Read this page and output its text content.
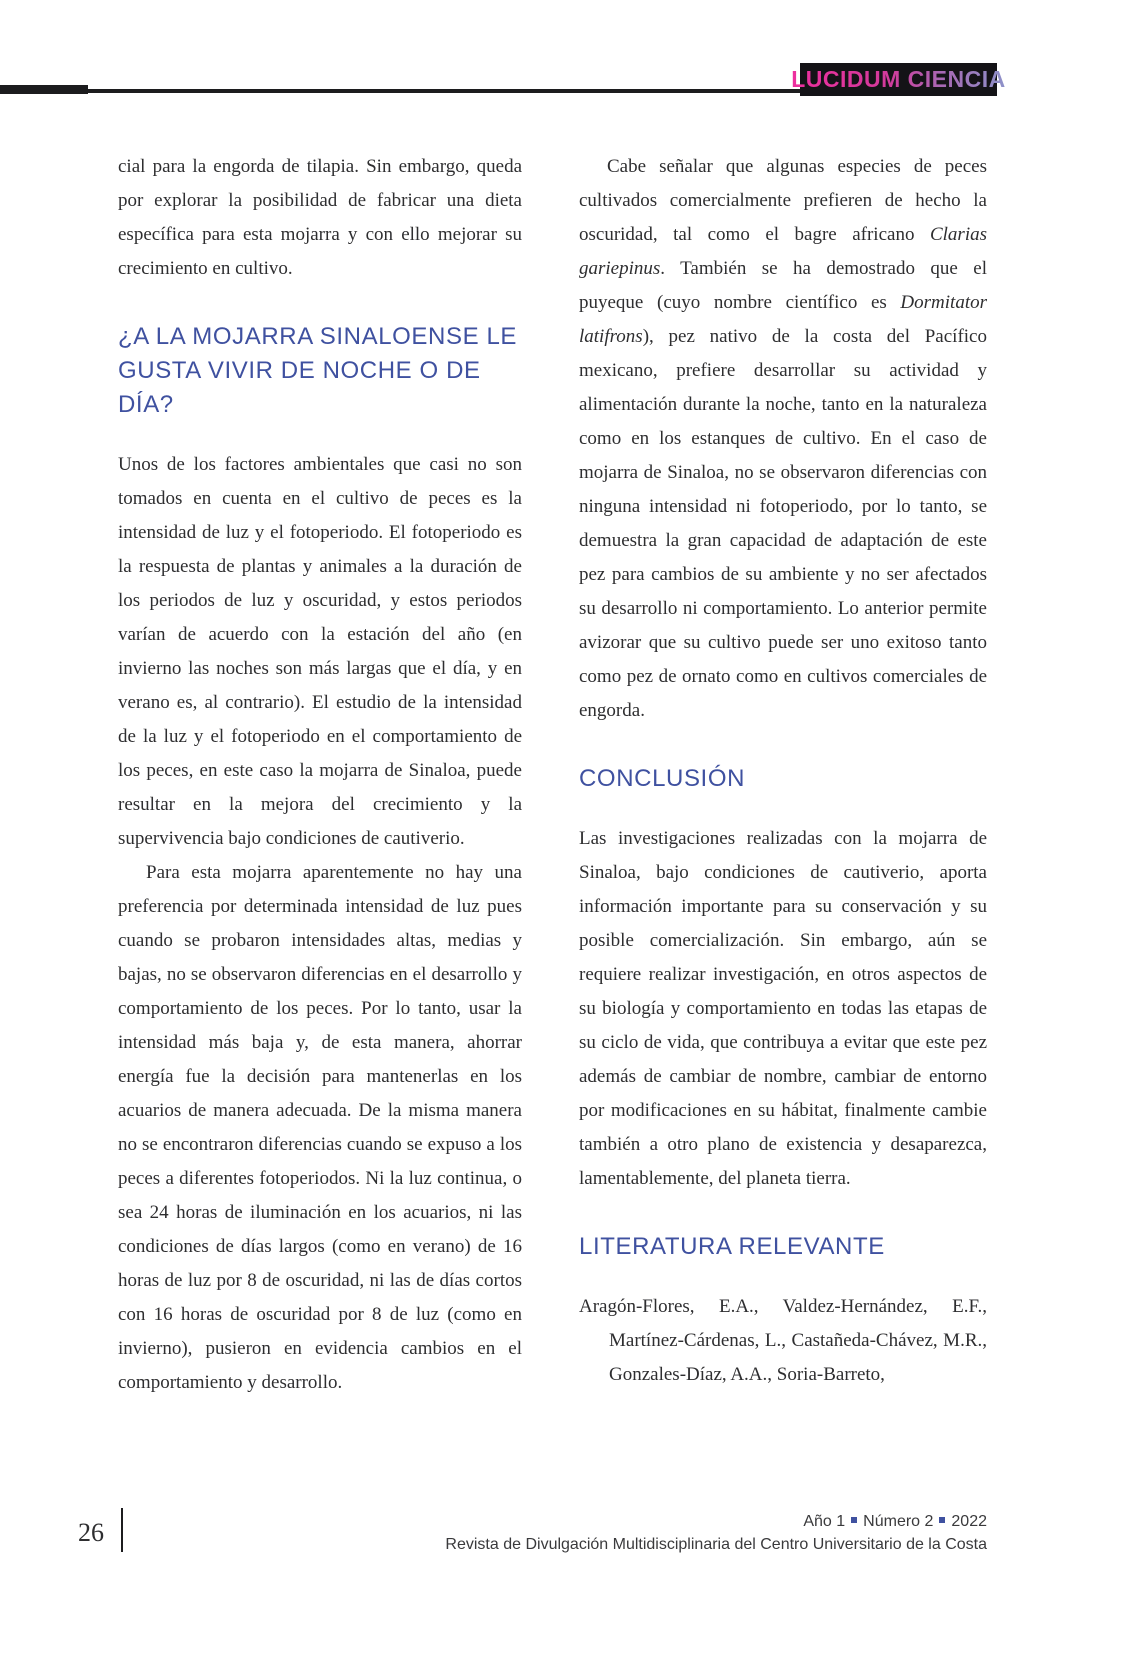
LUCIDUM CIENCIA

cial para la engorda de tilapia. Sin embargo, queda por explorar la posibilidad de fabricar una dieta específica para esta mojarra y con ello mejorar su crecimiento en cultivo.

¿A LA MOJARRA SINALOENSE LE GUSTA VIVIR DE NOCHE O DE DÍA?

Unos de los factores ambientales que casi no son tomados en cuenta en el cultivo de peces es la intensidad de luz y el fotoperiodo. El fotoperiodo es la respuesta de plantas y animales a la duración de los periodos de luz y oscuridad, y estos periodos varían de acuerdo con la estación del año (en invierno las noches son más largas que el día, y en verano es, al contrario). El estudio de la intensidad de la luz y el fotoperiodo en el comportamiento de los peces, en este caso la mojarra de Sinaloa, puede resultar en la mejora del crecimiento y la supervivencia bajo condiciones de cautiverio.

Para esta mojarra aparentemente no hay una preferencia por determinada intensidad de luz pues cuando se probaron intensidades altas, medias y bajas, no se observaron diferencias en el desarrollo y comportamiento de los peces. Por lo tanto, usar la intensidad más baja y, de esta manera, ahorrar energía fue la decisión para mantenerlas en los acuarios de manera adecuada. De la misma manera no se encontraron diferencias cuando se expuso a los peces a diferentes fotoperiodos. Ni la luz continua, o sea 24 horas de iluminación en los acuarios, ni las condiciones de días largos (como en verano) de 16 horas de luz por 8 de oscuridad, ni las de días cortos con 16 horas de oscuridad por 8 de luz (como en invierno), pusieron en evidencia cambios en el comportamiento y desarrollo.

Cabe señalar que algunas especies de peces cultivados comercialmente prefieren de hecho la oscuridad, tal como el bagre africano Clarias gariepinus. También se ha demostrado que el puyeque (cuyo nombre científico es Dormitator latifrons), pez nativo de la costa del Pacífico mexicano, prefiere desarrollar su actividad y alimentación durante la noche, tanto en la naturaleza como en los estanques de cultivo. En el caso de mojarra de Sinaloa, no se observaron diferencias con ninguna intensidad ni fotoperiodo, por lo tanto, se demuestra la gran capacidad de adaptación de este pez para cambios de su ambiente y no ser afectados su desarrollo ni comportamiento. Lo anterior permite avizorar que su cultivo puede ser uno exitoso tanto como pez de ornato como en cultivos comerciales de engorda.

CONCLUSIÓN

Las investigaciones realizadas con la mojarra de Sinaloa, bajo condiciones de cautiverio, aporta información importante para su conservación y su posible comercialización. Sin embargo, aún se requiere realizar investigación, en otros aspectos de su biología y comportamiento en todas las etapas de su ciclo de vida, que contribuya a evitar que este pez además de cambiar de nombre, cambiar de entorno por modificaciones en su hábitat, finalmente cambie también a otro plano de existencia y desaparezca, lamentablemente, del planeta tierra.

LITERATURA RELEVANTE

Aragón-Flores, E.A., Valdez-Hernández, E.F., Martínez-Cárdenas, L., Castañeda-Chávez, M.R., Gonzales-Díaz, A.A., Soria-Barreto,

26	Año 1 Número 2 2022
Revista de Divulgación Multidisciplinaria del Centro Universitario de la Costa
